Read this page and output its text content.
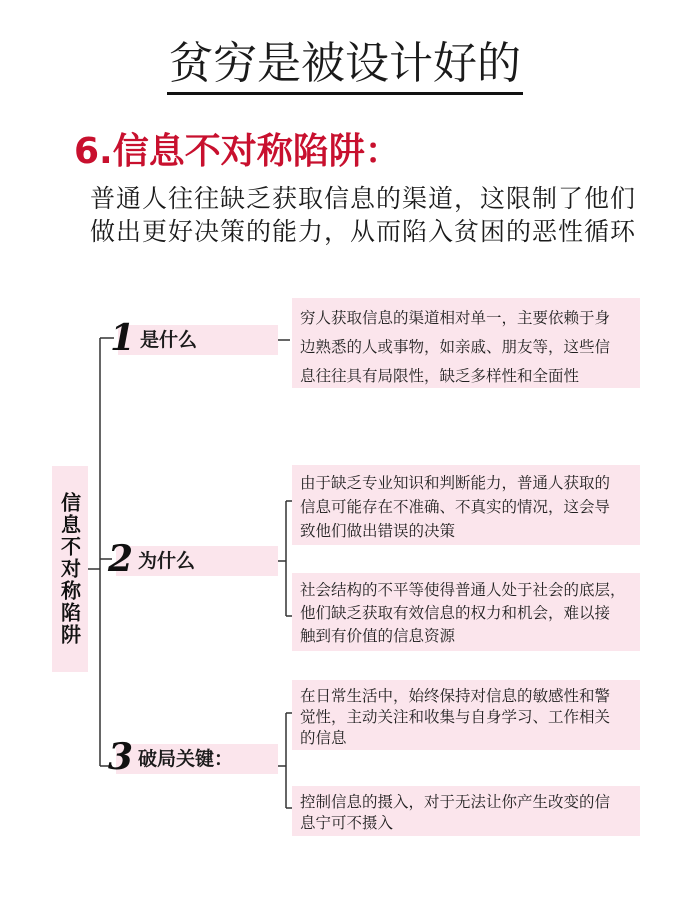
贫穷是被设计好的
6.信息不对称陷阱：
普通人往往缺乏获取信息的渠道，这限制了他们
做出更好决策的能力，从而陷入贫困的恶性循环
信息不对称陷阱
1 是什么
2 为什么
3 破局关键：
穷人获取信息的渠道相对单一，主要依赖于身
边熟悉的人或事物，如亲戚、朋友等，这些信
息往往具有局限性，缺乏多样性和全面性
由于缺乏专业知识和判断能力，普通人获取的
信息可能存在不准确、不真实的情况，这会导
致他们做出错误的决策
社会结构的不平等使得普通人处于社会的底层，
他们缺乏获取有效信息的权力和机会，难以接
触到有价值的信息资源
在日常生活中，始终保持对信息的敏感性和警
觉性，主动关注和收集与自身学习、工作相关
的信息
控制信息的摄入，对于无法让你产生改变的信
息宁可不摄入
